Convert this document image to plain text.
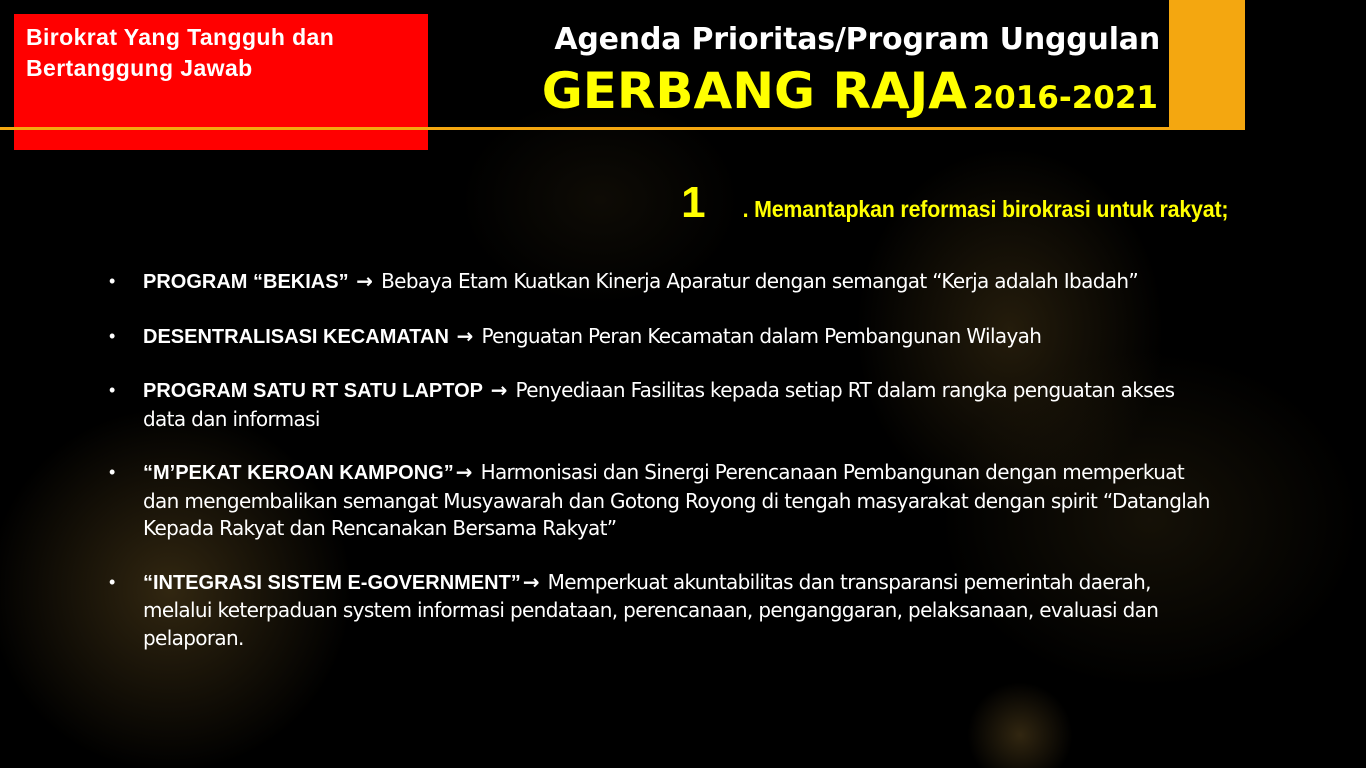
Birokrat Yang Tangguh dan Bertanggung Jawab
Agenda Prioritas/Program Unggulan
GERBANG RAJA 2016-2021
1 . Memantapkan reformasi birokrasi untuk rakyat;
• PROGRAM “BEKIAS” → Bebaya Etam Kuatkan Kinerja Aparatur dengan semangat “Kerja adalah Ibadah”
• DESENTRALISASI KECAMATAN → Penguatan Peran Kecamatan dalam Pembangunan Wilayah
• PROGRAM SATU RT SATU LAPTOP → Penyediaan Fasilitas kepada setiap RT dalam rangka penguatan akses data dan informasi
• “M’PEKAT KEROAN KAMPONG” → Harmonisasi dan Sinergi Perencanaan Pembangunan dengan memperkuat dan mengembalikan semangat Musyawarah dan Gotong Royong di tengah masyarakat dengan spirit “Datanglah Kepada Rakyat dan Rencanakan Bersama Rakyat”
• “INTEGRASI SISTEM E-GOVERNMENT” → Memperkuat akuntabilitas dan transparansi pemerintah daerah, melalui keterpaduan system informasi pendataan, perencanaan, penganggaran, pelaksanaan, evaluasi dan pelaporan.
